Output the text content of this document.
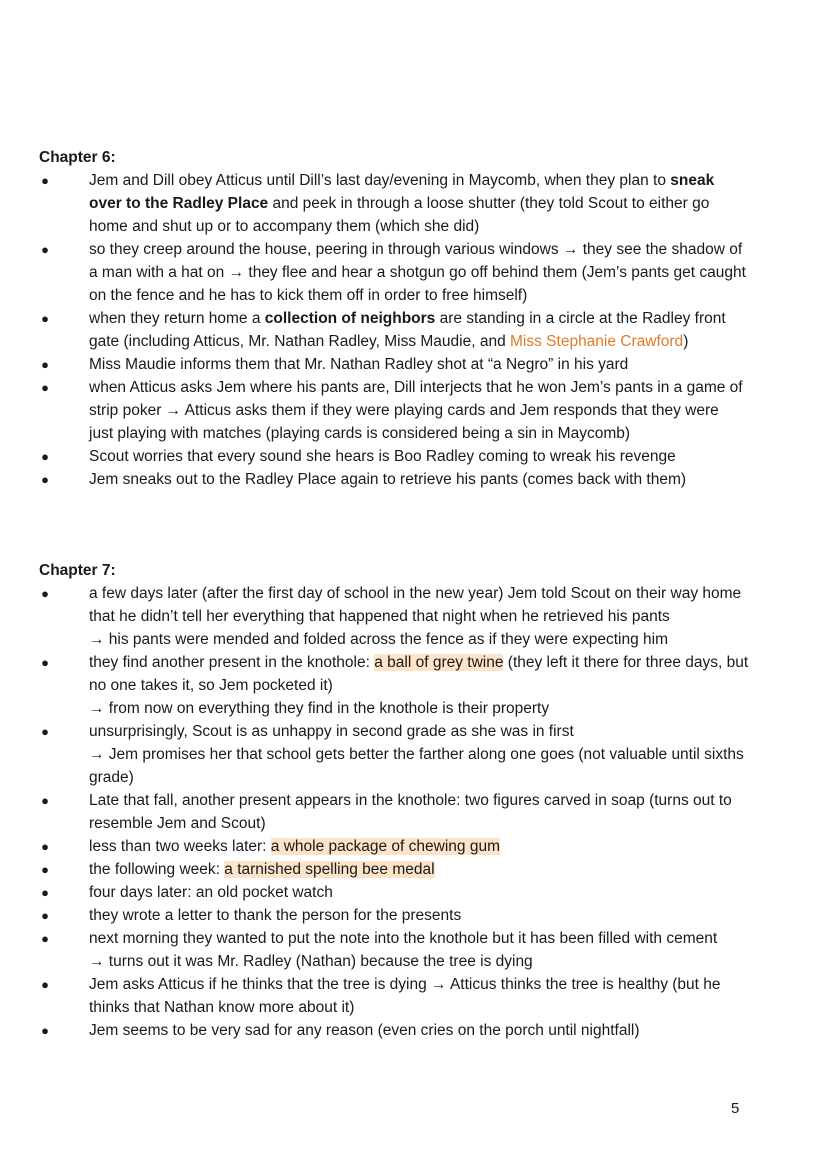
Chapter 6:

●	Jem and Dill obey Atticus until Dill’s last day/evening in Maycomb, when they plan to sneak
over to the Radley Place and peek in through a loose shutter (they told Scout to either go
home and shut up or to accompany them (which she did)
●	so they creep around the house, peering in through various windows → they see the shadow of
a man with a hat on → they flee and hear a shotgun go off behind them (Jem’s pants get caught
on the fence and he has to kick them off in order to free himself)
●	when they return home a collection of neighbors are standing in a circle at the Radley front
gate (including Atticus, Mr. Nathan Radley, Miss Maudie, and Miss Stephanie Crawford)
●	Miss Maudie informs them that Mr. Nathan Radley shot at “a Negro” in his yard
●	when Atticus asks Jem where his pants are, Dill interjects that he won Jem’s pants in a game of
strip poker → Atticus asks them if they were playing cards and Jem responds that they were
just playing with matches (playing cards is considered being a sin in Maycomb)
●	Scout worries that every sound she hears is Boo Radley coming to wreak his revenge
●	Jem sneaks out to the Radley Place again to retrieve his pants (comes back with them)

Chapter 7:

●	a few days later (after the first day of school in the new year) Jem told Scout on their way home
that he didn’t tell her everything that happened that night when he retrieved his pants
→ his pants were mended and folded across the fence as if they were expecting him
●	they find another present in the knothole: a ball of grey twine (they left it there for three days, but
no one takes it, so Jem pocketed it)
→ from now on everything they find in the knothole is their property
●	unsurprisingly, Scout is as unhappy in second grade as she was in first
→ Jem promises her that school gets better the farther along one goes (not valuable until sixths
grade)
●	Late that fall, another present appears in the knothole: two figures carved in soap (turns out to
resemble Jem and Scout)
●	less than two weeks later: a whole package of chewing gum
●	the following week: a tarnished spelling bee medal
●	four days later: an old pocket watch
●	they wrote a letter to thank the person for the presents
●	next morning they wanted to put the note into the knothole but it has been filled with cement
→ turns out it was Mr. Radley (Nathan) because the tree is dying
●	Jem asks Atticus if he thinks that the tree is dying → Atticus thinks the tree is healthy (but he
thinks that Nathan know more about it)
●	Jem seems to be very sad for any reason (even cries on the porch until nightfall)
5
